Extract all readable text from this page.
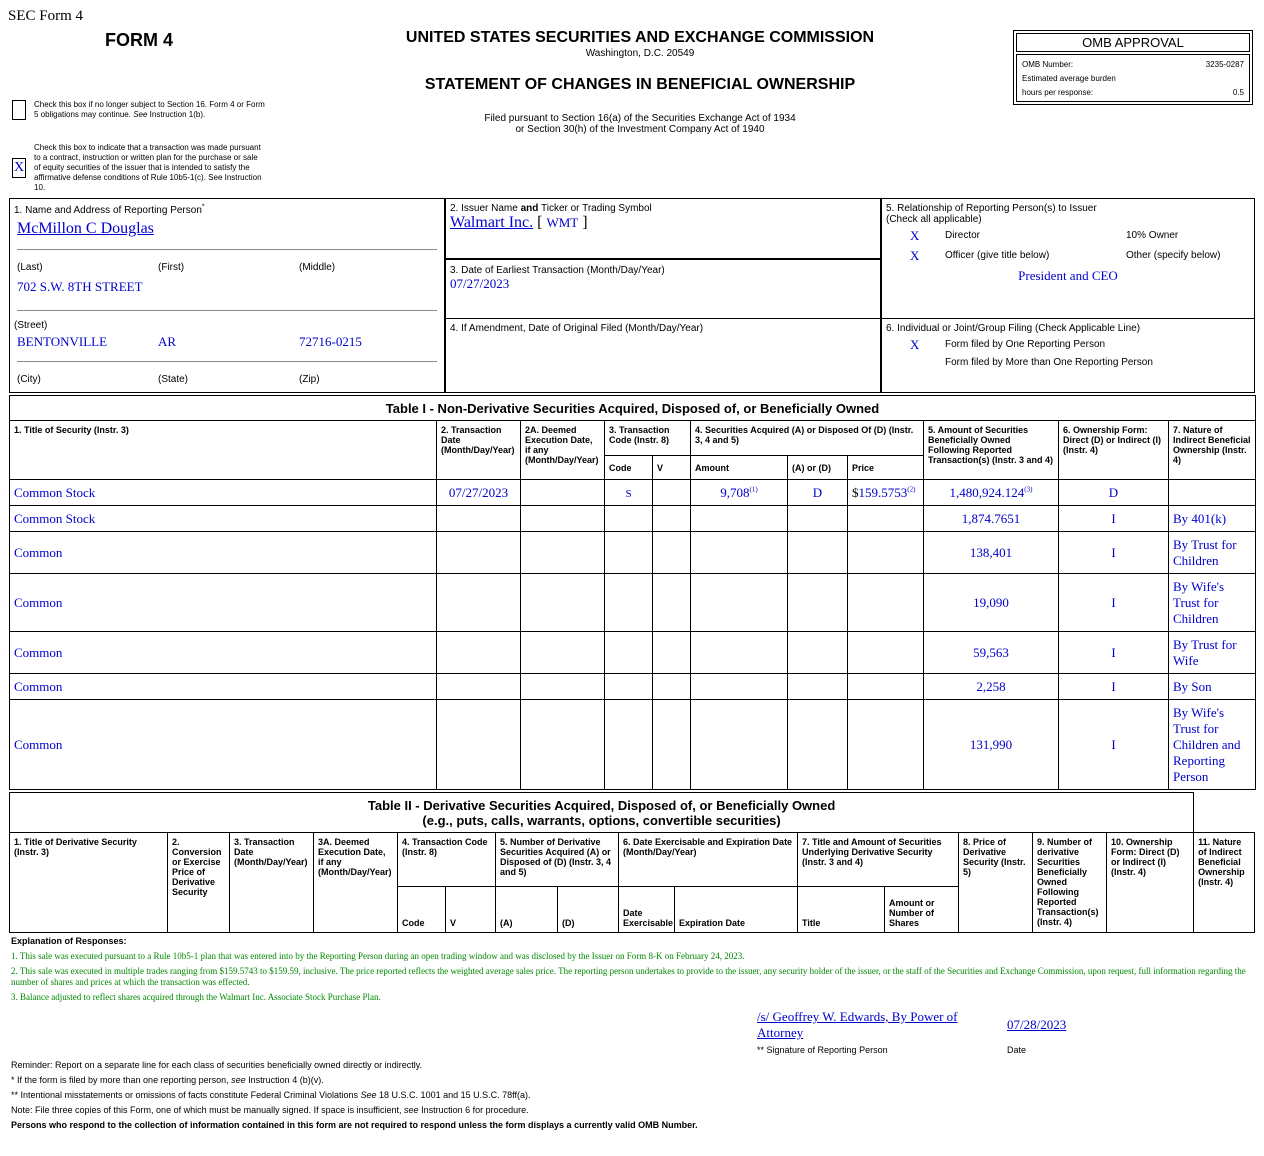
SEC Form 4
FORM 4	UNITED STATES SECURITIES AND EXCHANGE COMMISSION
Washington, D.C. 20549
STATEMENT OF CHANGES IN BENEFICIAL OWNERSHIP
Filed pursuant to Section 16(a) of the Securities Exchange Act of 1934
or Section 30(h) of the Investment Company Act of 1940
OMB APPROVAL
OMB Number:	3235-0287
Estimated average burden
hours per response:	0.5
Check this box if no longer subject to Section 16. Form 4 or Form 5 obligations may continue. See Instruction 1(b).
X
Check this box to indicate that a transaction was made pursuant to a contract, instruction or written plan for the purchase or sale of equity securities of the issuer that is intended to satisfy the affirmative defense conditions of Rule 10b5-1(c). See Instruction 10.
1. Name and Address of Reporting Person*
McMillon C Douglas
(Last)	(First)	(Middle)
702 S.W. 8TH STREET
(Street)
BENTONVILLE	AR	72716-0215
(City)	(State)	(Zip)
2. Issuer Name and Ticker or Trading Symbol
Walmart Inc. [ WMT ]
3. Date of Earliest Transaction (Month/Day/Year)
07/27/2023
4. If Amendment, Date of Original Filed (Month/Day/Year)
5. Relationship of Reporting Person(s) to Issuer
(Check all applicable)
X	Director	10% Owner
X	Officer (give title below)	Other (specify below)
President and CEO
6. Individual or Joint/Group Filing (Check Applicable Line)
X	Form filed by One Reporting Person
Form filed by More than One Reporting Person
Table I - Non-Derivative Securities Acquired, Disposed of, or Beneficially Owned										
1. Title of Security (Instr. 3)	2. Transaction Date (Month/Day/Year)	2A. Deemed Execution Date, if any (Month/Day/Year)	3. Transaction Code (Instr. 8)		4. Securities Acquired (A) or Disposed Of (D) (Instr. 3, 4 and 5)			5. Amount of Securities Beneficially Owned Following Reported Transaction(s) (Instr. 3 and 4)	6. Ownership Form: Direct (D) or Indirect (I) (Instr. 4)	7. Nature of Indirect Beneficial Ownership (Instr. 4)
			Code	V	Amount	(A) or (D)	Price			
Common Stock	07/27/2023		S		9,708$^{(1)}$	D	$159.5753$^{(2)}$	1,480,924.124$^{(3)}$	D	
Common Stock								1,874.7651	I	By 401(k)
Common								138,401	I	By Trust for Children
Common								19,090	I	By Wife's Trust for Children
Common								59,563	I	By Trust for Wife
Common								2,258	I	By Son
Common								131,990	I	By Wife's Trust for Children and Reporting Person
Table II - Derivative Securities Acquired, Disposed of, or Beneficially Owned
(e.g., puts, calls, warrants, options, convertible securities)															

1. Title of Derivative Security (Instr. 3)	2. Conversion or Exercise Price of Derivative Security	3. Transaction Date (Month/Day/Year)	3A. Deemed Execution Date, if any (Month/Day/Year)	4. Transaction Code (Instr. 8)		5. Number of Derivative Securities Acquired (A) or Disposed of (D) (Instr. 3, 4 and 5)		6. Date Exercisable and Expiration Date (Month/Day/Year)		7. Title and Amount of Securities Underlying Derivative Security (Instr. 3 and 4)		8. Price of Derivative Security (Instr. 5)	9. Number of derivative Securities Beneficially Owned Following Reported Transaction(s) (Instr. 4)	10. Ownership Form: Direct (D) or Indirect (I) (Instr. 4)	11. Nature of Indirect Beneficial Ownership (Instr. 4)
				Code	V	(A)	(D)	Date Exercisable	Expiration Date	Title	Amount or Number of Shares				
Explanation of Responses:
1. This sale was executed pursuant to a Rule 10b5-1 plan that was entered into by the Reporting Person during an open trading window and was disclosed by the Issuer on Form 8-K on February 24, 2023.
2. This sale was executed in multiple trades ranging from $159.5743 to $159.59, inclusive. The price reported reflects the weighted average sales price. The reporting person undertakes to provide to the issuer, any security holder of the issuer, or the staff of the Securities and Exchange Commission, upon request, full information regarding the number of shares and prices at which the transaction was effected.
3. Balance adjusted to reflect shares acquired through the Walmart Inc. Associate Stock Purchase Plan.
/s/ Geoffrey W. Edwards, By Power of Attorney
07/28/2023
** Signature of Reporting Person	Date
Reminder: Report on a separate line for each class of securities beneficially owned directly or indirectly.
* If the form is filed by more than one reporting person, see Instruction 4 (b)(v).
** Intentional misstatements or omissions of facts constitute Federal Criminal Violations See 18 U.S.C. 1001 and 15 U.S.C. 78ff(a).
Note: File three copies of this Form, one of which must be manually signed. If space is insufficient, see Instruction 6 for procedure.
Persons who respond to the collection of information contained in this form are not required to respond unless the form displays a currently valid OMB Number.
